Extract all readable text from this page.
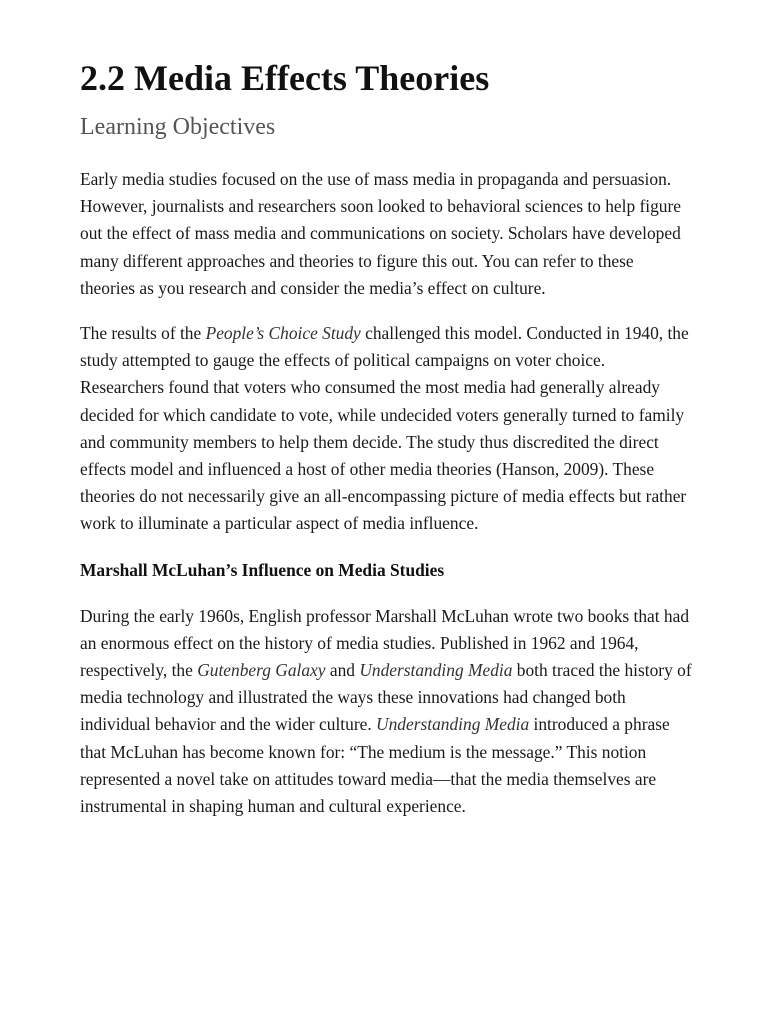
2.2 Media Effects Theories
Learning Objectives

Early media studies focused on the use of mass media in propaganda and persuasion. However, journalists and researchers soon looked to behavioral sciences to help figure out the effect of mass media and communications on society. Scholars have developed many different approaches and theories to figure this out. You can refer to these theories as you research and consider the media’s effect on culture.

The results of the People’s Choice Study challenged this model. Conducted in 1940, the study attempted to gauge the effects of political campaigns on voter choice. Researchers found that voters who consumed the most media had generally already decided for which candidate to vote, while undecided voters generally turned to family and community members to help them decide. The study thus discredited the direct effects model and influenced a host of other media theories (Hanson, 2009). These theories do not necessarily give an all-encompassing picture of media effects but rather work to illuminate a particular aspect of media influence.

Marshall McLuhan’s Influence on Media Studies

During the early 1960s, English professor Marshall McLuhan wrote two books that had an enormous effect on the history of media studies. Published in 1962 and 1964, respectively, the Gutenberg Galaxy and Understanding Media both traced the history of media technology and illustrated the ways these innovations had changed both individual behavior and the wider culture. Understanding Media introduced a phrase that McLuhan has become known for: “The medium is the message.” This notion represented a novel take on attitudes toward media—that the media themselves are instrumental in shaping human and cultural experience.
